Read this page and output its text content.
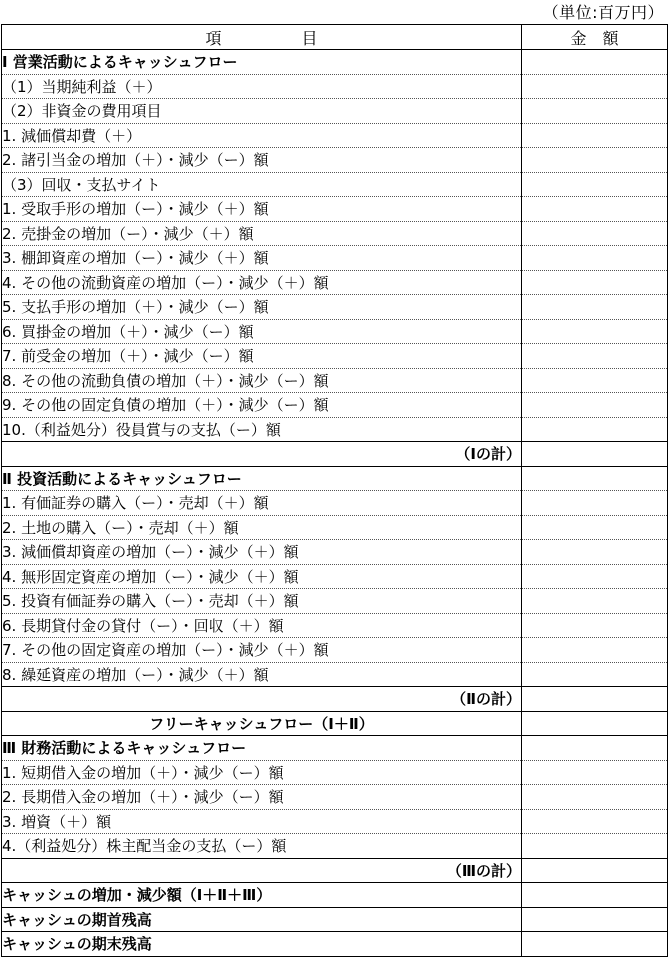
（単位:百万円）
項目	金額
Ⅰ 営業活動によるキャッシュフロー	
（1）当期純利益（＋）	
（2）非資金の費用項目	
1. 減価償却費（＋）	
2. 諸引当金の増加（＋）・減少（ー）額	
（3）回収・支払サイト	
1. 受取手形の増加（ー）・減少（＋）額	
2. 売掛金の増加（ー）・減少（＋）額	
3. 棚卸資産の増加（ー）・減少（＋）額	
4. その他の流動資産の増加（ー）・減少（＋）額	
5. 支払手形の増加（＋）・減少（ー）額	
6. 買掛金の増加（＋）・減少（ー）額	
7. 前受金の増加（＋）・減少（ー）額	
8. その他の流動負債の増加（＋）・減少（ー）額	
9. その他の固定負債の増加（＋）・減少（ー）額	
10.（利益処分）役員賞与の支払（ー）額	
（Ⅰの計）	
Ⅱ 投資活動によるキャッシュフロー	
1. 有価証券の購入（ー）・売却（＋）額	
2. 土地の購入（ー）・売却（＋）額	
3. 減価償却資産の増加（ー）・減少（＋）額	
4. 無形固定資産の増加（ー）・減少（＋）額	
5. 投資有価証券の購入（ー）・売却（＋）額	
6. 長期貸付金の貸付（ー）・回収（＋）額	
7. その他の固定資産の増加（ー）・減少（＋）額	
8. 繰延資産の増加（ー）・減少（＋）額	
（Ⅱの計）	
フリーキャッシュフロー（Ⅰ＋Ⅱ）	
Ⅲ 財務活動によるキャッシュフロー	
1. 短期借入金の増加（＋）・減少（ー）額	
2. 長期借入金の増加（＋）・減少（ー）額	
3. 増資（＋）額	
4.（利益処分）株主配当金の支払（ー）額	
（Ⅲの計）	
キャッシュの増加・減少額（Ⅰ＋Ⅱ＋Ⅲ）	
キャッシュの期首残高	
キャッシュの期末残高	
